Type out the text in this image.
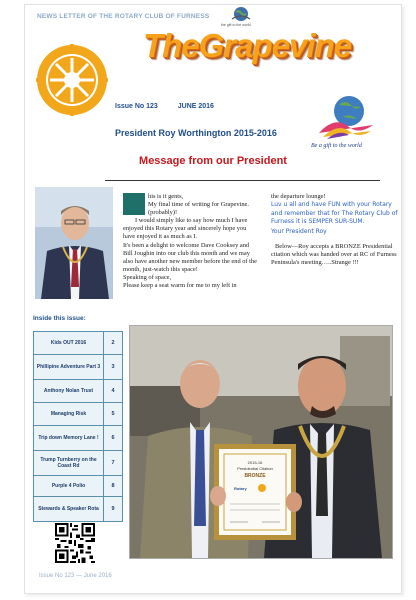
NEWS LETTER OF THE ROTARY CLUB OF FURNESS
the gift to the world
TheGrapevine
Issue No 123	JUNE 2016
President Roy Worthington 2015-2016
Be a gift to the world
Message from our President

his is it gents,

My final time of writing for Grapevine.(probably)!

I would simply like to say how much I have enjoyed this Rotary year and sincerely hope you have enjoyed it as much as I.

It's been a delight to welcome Dave Cooksey and Bill Joughin into our club this month and we may also have another new member before the end of the month, just-watch this space!

Speaking of space,

Please keep a seat warm for me to my left in

the departure lounge!

Luv u all and have FUN with your Rotary and remember that for The Rotary Club of Furness it is SEMPER SUR-SUM.

Your President Roy

Below—Roy accepts a BRONZE Presidential citation which was handed over at RC of Furness Peninsula's meeting…..Strange !!!

Inside this issue:
Kids OUT 2016	2
Phillipine Adventure Part 3	3
Anthony Nolan Trust	4
Managing Risk	5
Trip down Memory Lane !	6
Trump Turnberry on the Coast Rd	7
Purple 4 Polio	8
Stewards & Speaker Rota	9
2015-16
Presidential Citation
BRONZE
Rotary
Issue No 123 — June 2016
